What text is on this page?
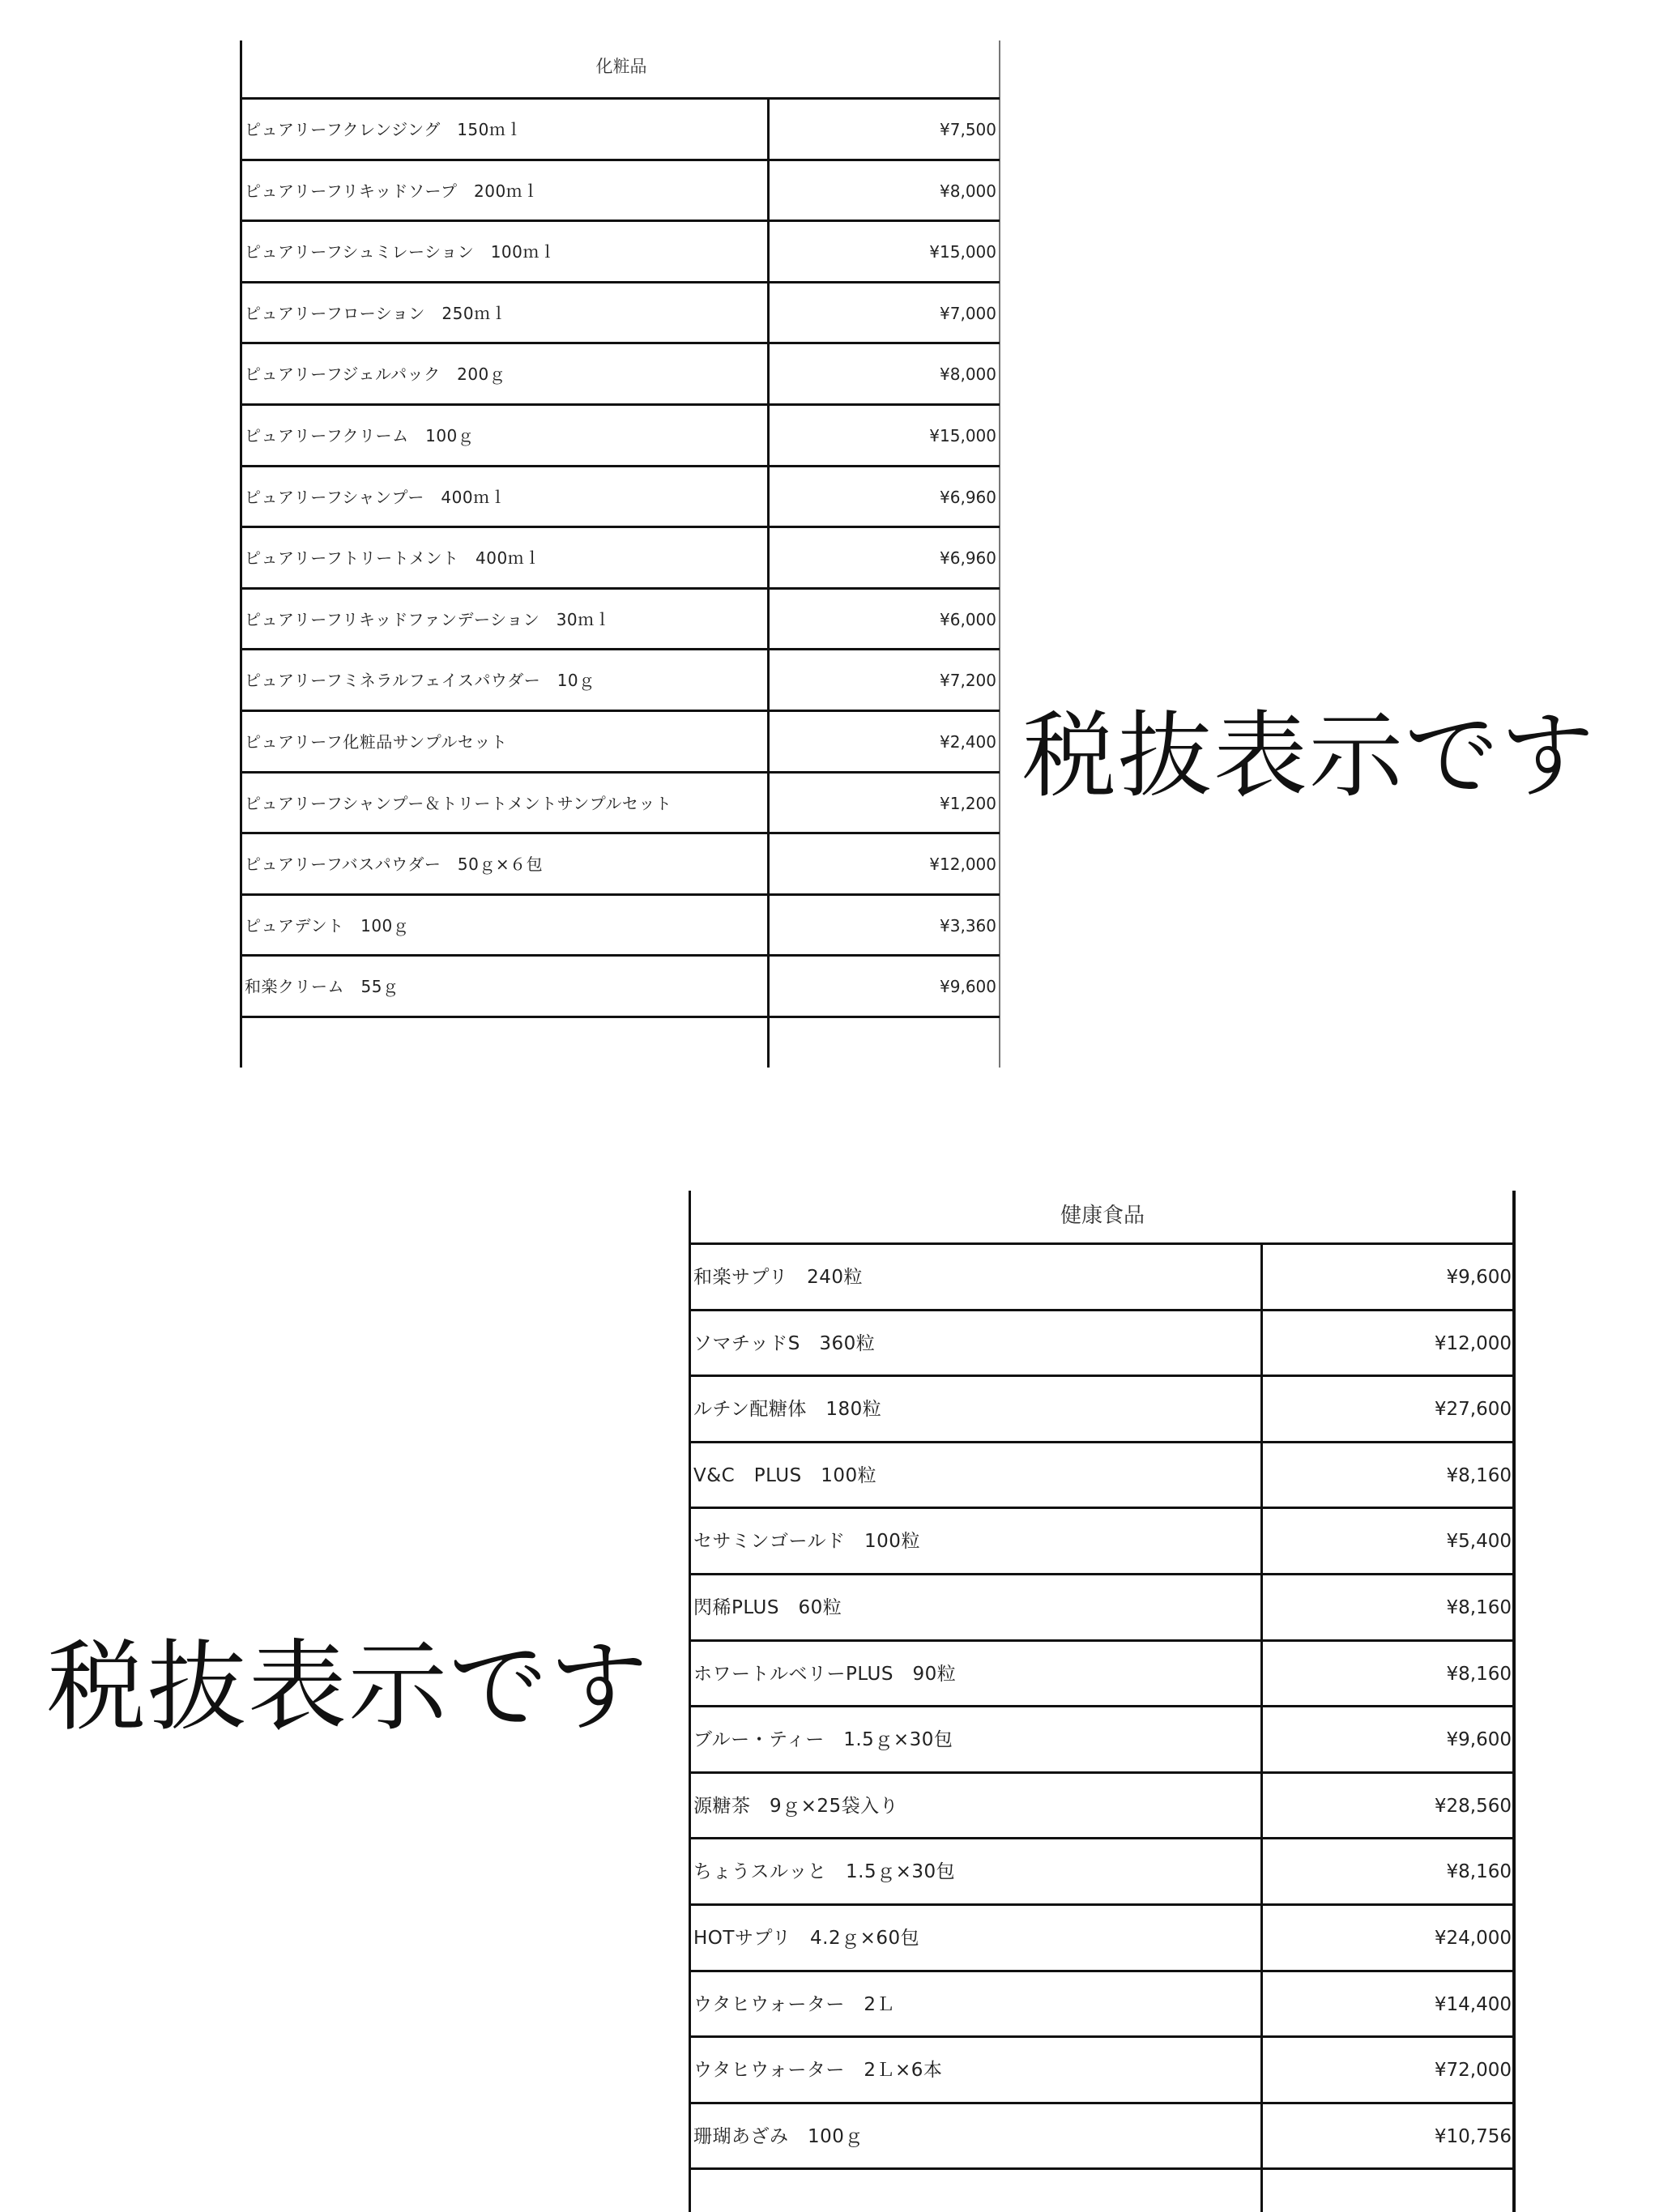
化粧品
ピュアリーフクレンジング　150ｍｌ	¥7,500
ピュアリーフリキッドソープ　200ｍｌ	¥8,000
ピュアリーフシュミレーション　100ｍｌ	¥15,000
ピュアリーフローション　250ｍｌ	¥7,000
ピュアリーフジェルパック　200ｇ	¥8,000
ピュアリーフクリーム　100ｇ	¥15,000
ピュアリーフシャンプー　400ｍｌ	¥6,960
ピュアリーフトリートメント　400ｍｌ	¥6,960
ピュアリーフリキッドファンデーション　30ｍｌ	¥6,000
ピュアリーフミネラルフェイスパウダー　10ｇ	¥7,200
ピュアリーフ化粧品サンプルセット	¥2,400
ピュアリーフシャンプー＆トリートメントサンプルセット	¥1,200
ピュアリーフバスパウダー　50ｇ×６包	¥12,000
ピュアデント　100ｇ	¥3,360
和楽クリーム　55ｇ	¥9,600
税抜表示です
健康食品
和楽サプリ　240粒	¥9,600
ソマチッドS　360粒	¥12,000
ルチン配糖体　180粒	¥27,600
V&C　PLUS　100粒	¥8,160
セサミンゴールド　100粒	¥5,400
閃稀PLUS　60粒	¥8,160
ホワートルベリーPLUS　90粒	¥8,160
ブルー・ティー　1.5ｇ×30包	¥9,600
源糖茶　9ｇ×25袋入り	¥28,560
ちょうスルッと　1.5ｇ×30包	¥8,160
HOTサプリ　4.2ｇ×60包	¥24,000
ウタヒウォーター　2Ｌ	¥14,400
ウタヒウォーター　2Ｌ×6本	¥72,000
珊瑚あざみ　100ｇ	¥10,756
税抜表示です
